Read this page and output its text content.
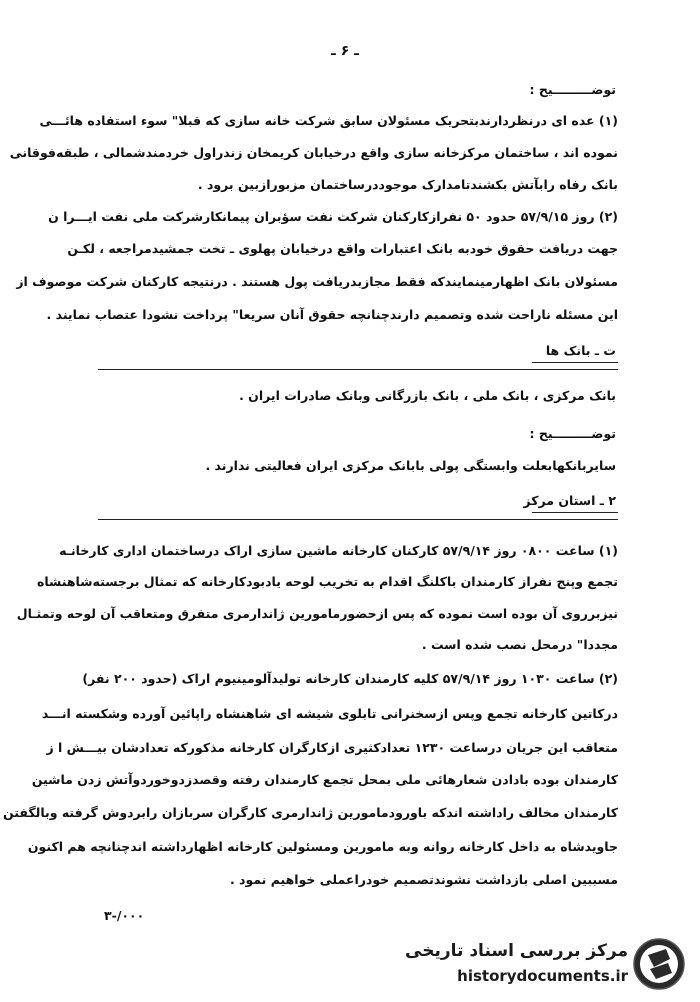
ـ ۶ ـ
توضـــــــــيح :
(۱) عده ای درنظردارندبتحریک مسئولان سابق شرکت خانه سازی که قبلا" سوء استفاده هائـــی
نموده اند ، ساختمان مرکزخانه سازی واقع درخیابان کریمخان زندراول خردمندشمالی ، طبقه‌فوقانی
بانک رفاه رابآتش بکشندتامدارک موجوددرساختمان مزبورازبین برود .
(۲) روز ۵۷/۹/۱۵ حدود ۵۰ نفرازکارکنان شرکت نفت سؤبران پیمانکارشرکت ملی نفت ایـــرا ن
جهت دریافت حقوق خودبه بانک اعتبارات واقع درخیابان پهلوی ـ تخت جمشیدمراجعه ، لکـن
مسئولان بانک اظهارمینمایندکه فقط مجازبدریافت پول هستند . درنتیجه کارکنان شرکت موصوف از
این مسئله ناراحت شده وتصمیم دارندچنانچه حقوق آنان سریعا" پرداخت نشودا عتصاب نمایند .
ت ـ بانک ها
بانک مرکزی ، بانک ملی ، بانک بازرگانی وبانک صادرات ایران .
توضـــــــــیح :
سایربانکهابعلت وابستگی پولی بابانک مرکزی ایران فعالیتی ندارند .
۲ ـ استان مرکز
(۱) ساعت ۰۸۰۰ روز ۵۷/۹/۱۴ کارکنان کارخانه ماشین سازی اراک درساختمان اداری کارخانـه
تجمع وپنج نفراز کارمندان باکلنگ اقدام به تخریب لوحه یادبودکارخانه که تمثال برجسته‌شاهنشاه
نیزبرروی آن بوده است نموده که پس ازحضورمامورین ژاندارمری متفرق ومتعاقب آن لوحه وتمثـال
مجددا" درمحل نصب شده است .
(۲) ساعت ۱۰۳۰ روز ۵۷/۹/۱۴ کلیه کارمندان کارخانه تولیدآلومینیوم اراک (حدود ۲۰۰ نفر)
درکاتین کارخانه تجمع وپس ازسخنرانی تابلوی شیشه ای شاهنشاه راپائین آورده وشکسته انـــد
متعاقب این جریان درساعت ۱۲۳۰ تعدادکثیری ازکارگران کارخانه مذکورکه تعدادشان بیـــش ا ز
کارمندان بوده بادادن شعارهائی ملی بمحل تجمع کارمندان رفته وقصدزدوخوردوآتش زدن ماشین
کارمندان مخالف راداشته اندکه باورودمامورین ژاندارمری کارگران سربازان رابردوش گرفته وبالگفتن
جاویدشاه به داخل کارخانه روانه وبه مامورین ومسئولین کارخانه اظهارداشته اندچنانچه هم اکنون
مسببین اصلی بازداشت نشوندتصمیم خودراعملی خواهیم نمود .
۳-/۰۰۰
مرکز بررسی اسناد تاریخی
historydocuments.ir
